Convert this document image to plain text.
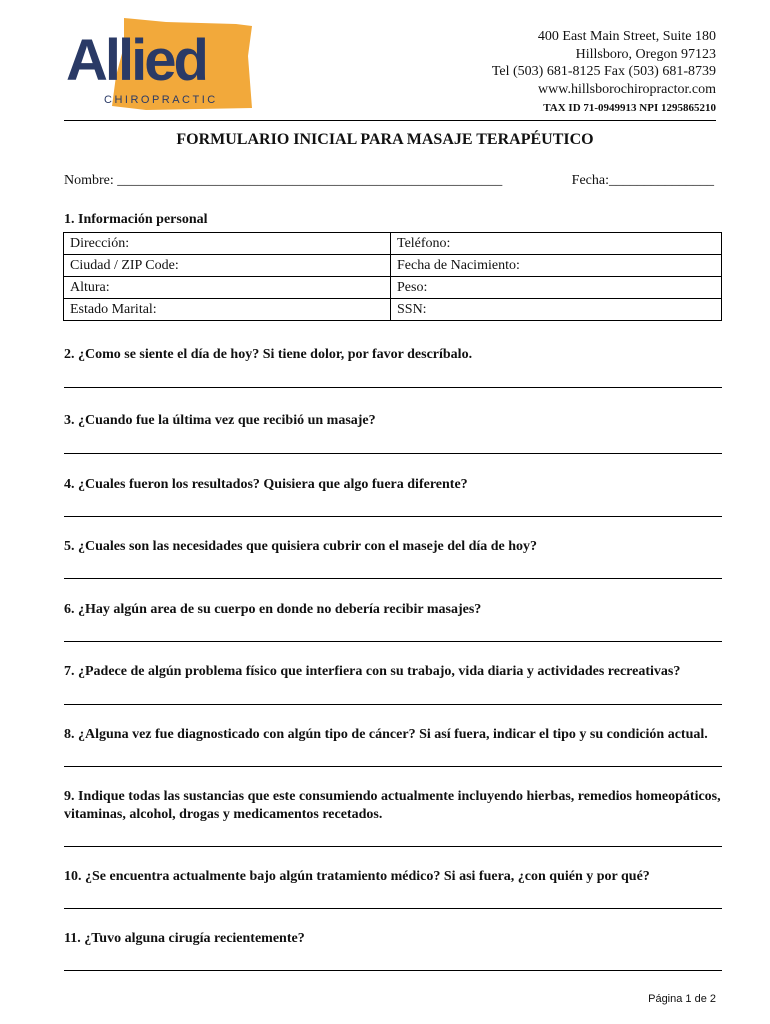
Allied
CHIROPRACTIC
400 East Main Street, Suite 180
Hillsboro, Oregon 97123
Tel (503) 681-8125 Fax (503) 681-8739
www.hillsborochiropractor.com
TAX ID 71-0949913 NPI 1295865210
FORMULARIO INICIAL PARA MASAJE TERAPÉUTICO
Nombre: _______________________________________________________	Fecha:_______________
1. Información personal
Dirección:	Teléfono:
Ciudad / ZIP Code:	Fecha de Nacimiento:
Altura:	Peso:
Estado Marital:	SSN:
2. ¿Como se siente el día de hoy? Si tiene dolor, por favor descríbalo.
3. ¿Cuando fue la última vez que recibió un masaje?
4. ¿Cuales fueron los resultados? Quisiera que algo fuera diferente?
5. ¿Cuales son las necesidades que quisiera cubrir con el maseje del día de hoy?
6. ¿Hay algún area de su cuerpo en donde no debería recibir masajes?
7. ¿Padece de algún problema físico que interfiera con su trabajo, vida diaria y actividades recreativas?
8. ¿Alguna vez fue diagnosticado con algún tipo de cáncer? Si así fuera, indicar el tipo y su condición actual.
9. Indique todas las sustancias que este consumiendo actualmente incluyendo hierbas, remedios homeopáticos, vitaminas, alcohol, drogas y medicamentos recetados.
10. ¿Se encuentra actualmente bajo algún tratamiento médico? Si asi fuera, ¿con quién y por qué?
11. ¿Tuvo alguna cirugía recientemente?
Página 1 de 2
